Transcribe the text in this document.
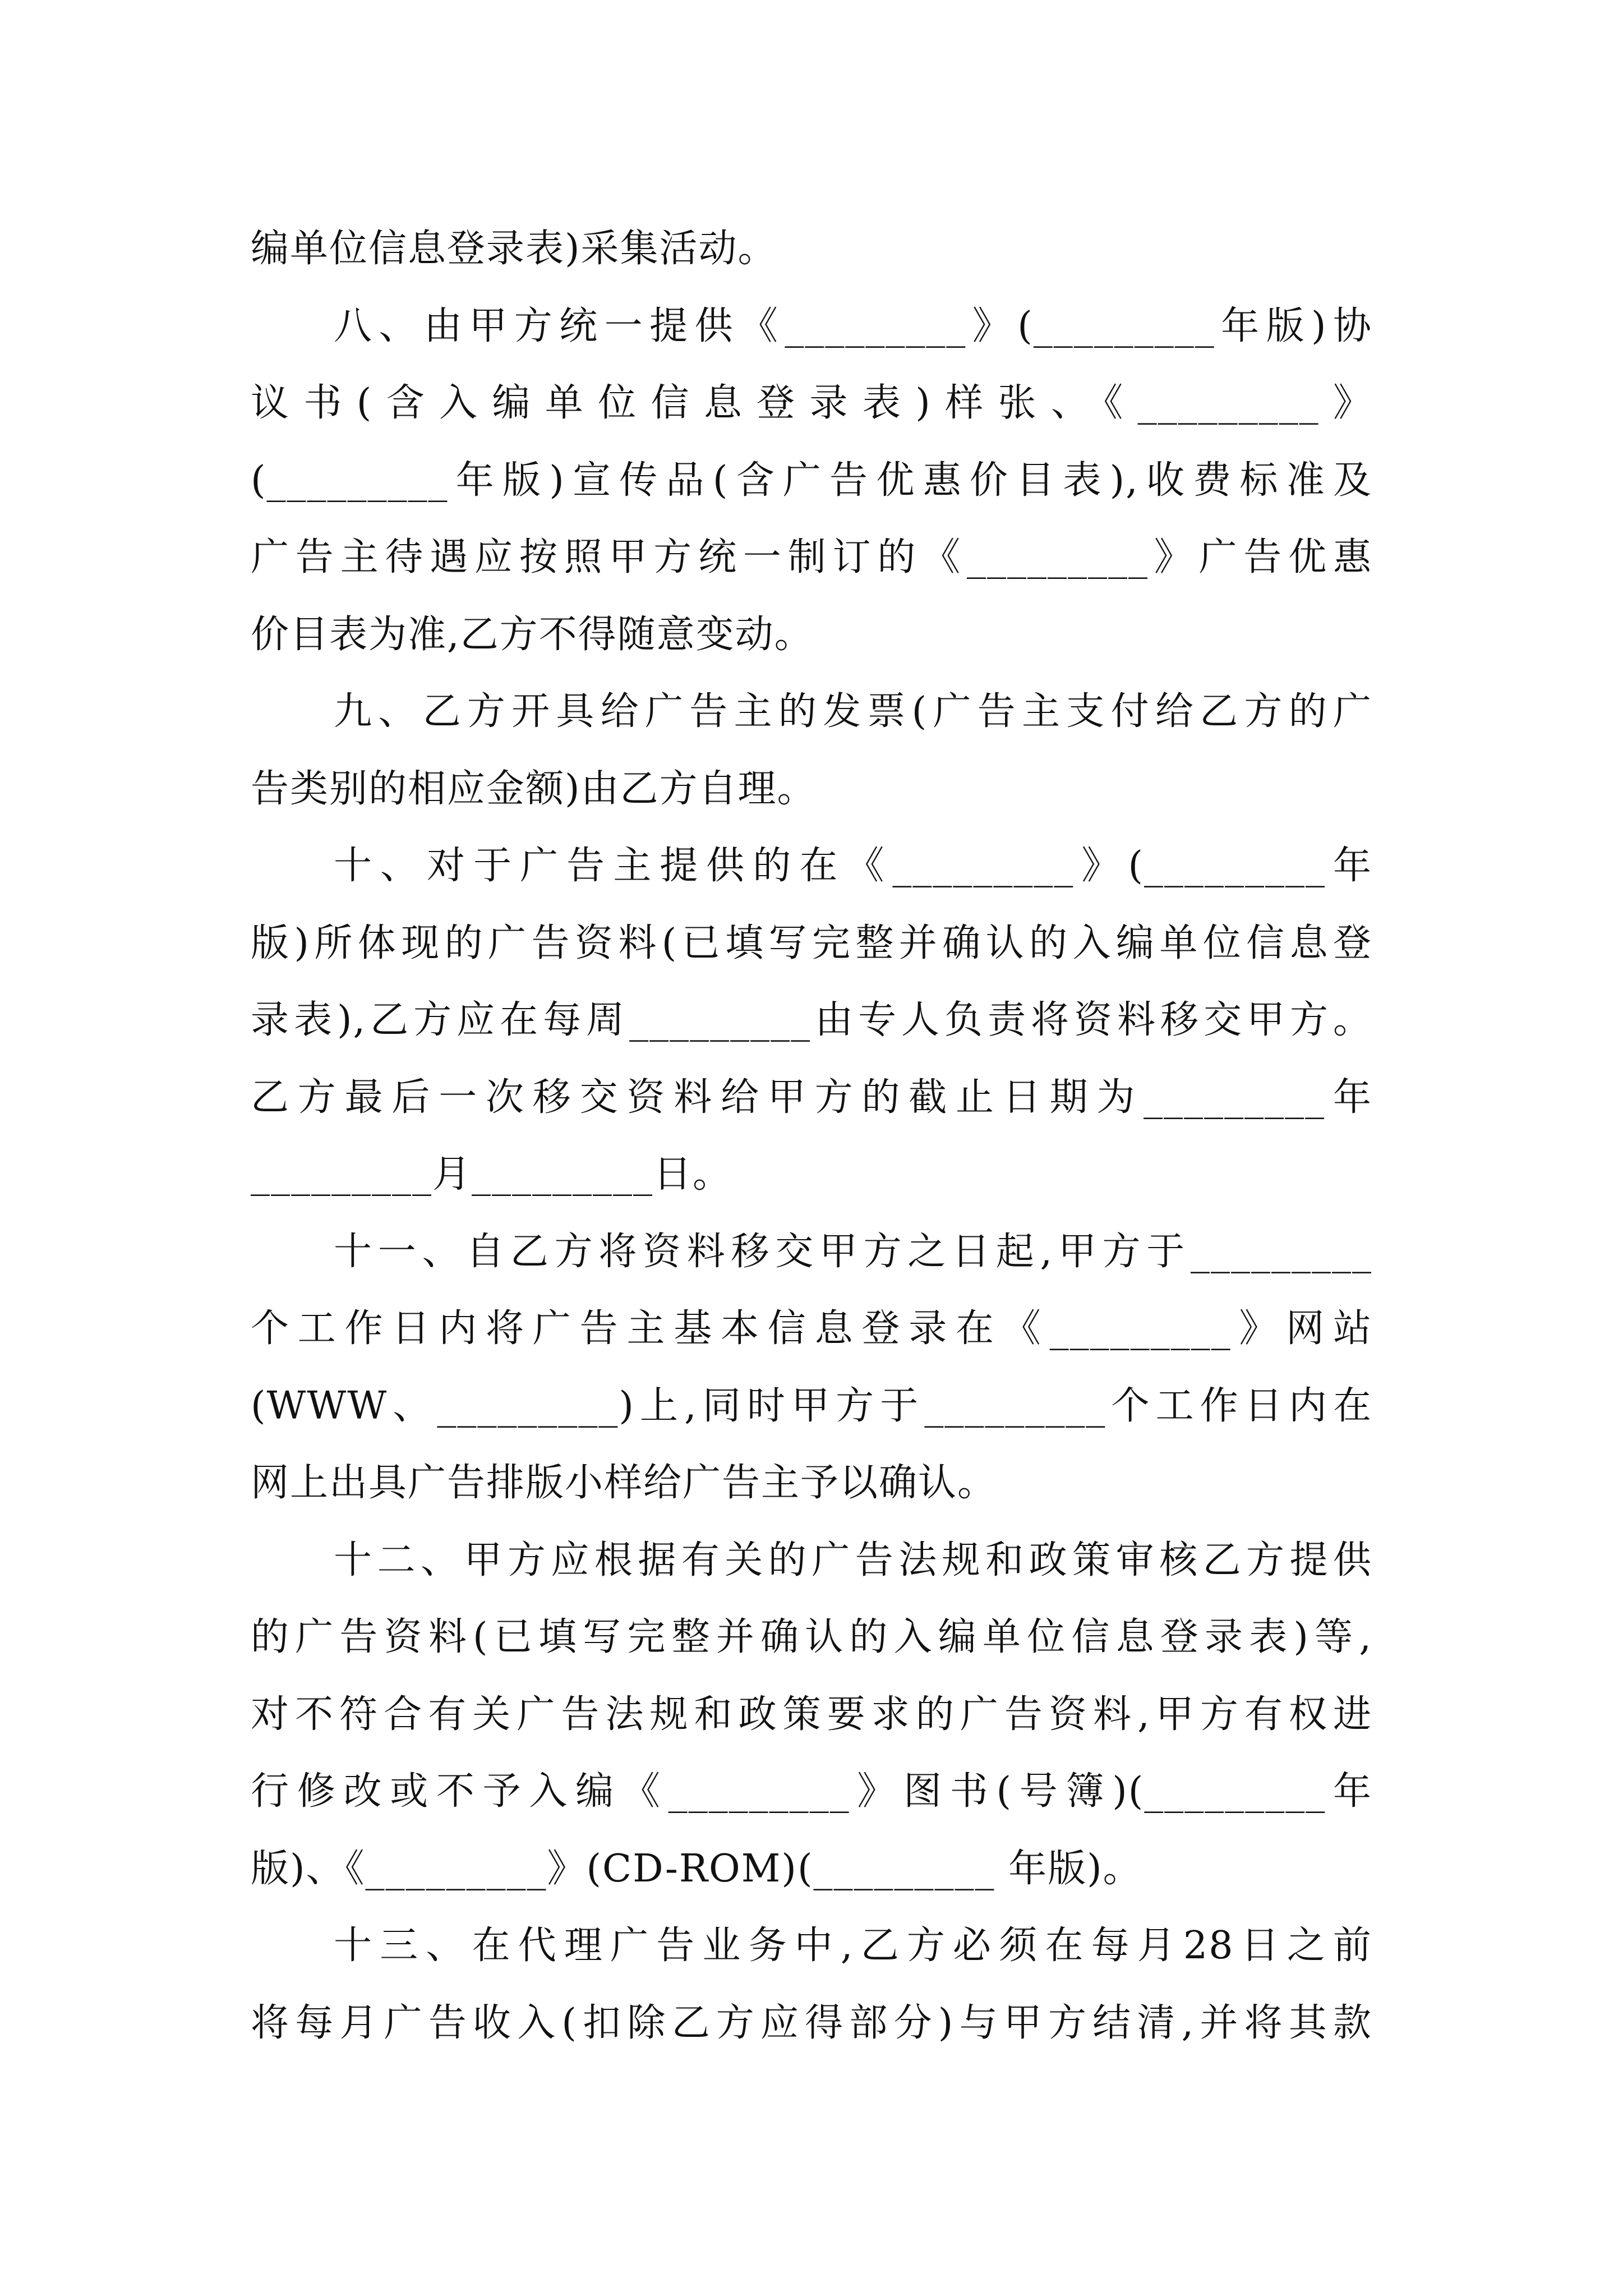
编单位信息登录表)采集活动。
八、由甲方统一提供《_________》(_________年版)协
议书(含入编单位信息登录表)样张、《_________》
(_________年版)宣传品(含广告优惠价目表),收费标准及
广告主待遇应按照甲方统一制订的《_________》广告优惠
价目表为准,乙方不得随意变动。
九、乙方开具给广告主的发票(广告主支付给乙方的广
告类别的相应金额)由乙方自理。
十、对于广告主提供的在《_________》(_________年
版)所体现的广告资料(已填写完整并确认的入编单位信息登
录表),乙方应在每周_________由专人负责将资料移交甲方。
乙方最后一次移交资料给甲方的截止日期为_________年
_________月_________日。
十一、自乙方将资料移交甲方之日起,甲方于_________
个工作日内将广告主基本信息登录在《_________》网站
(WWW、_________)上,同时甲方于_________个工作日内在
网上出具广告排版小样给广告主予以确认。
十二、甲方应根据有关的广告法规和政策审核乙方提供
的广告资料(已填写完整并确认的入编单位信息登录表)等,
对不符合有关广告法规和政策要求的广告资料,甲方有权进
行修改或不予入编《_________》图书(号簿)(_________年
版)、《_________》(CD-ROM)(_________ 年版)。
十三、在代理广告业务中,乙方必须在每月28日之前
将每月广告收入(扣除乙方应得部分)与甲方结清,并将其款
